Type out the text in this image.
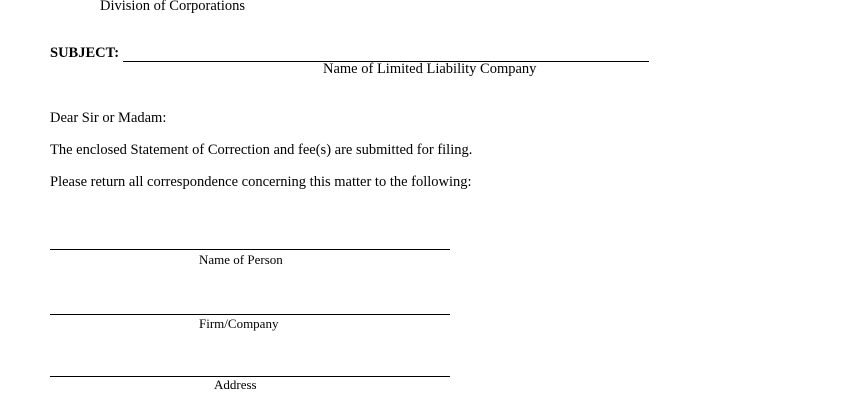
Division of Corporations
SUBJECT:
Name of Limited Liability Company
Dear Sir or Madam:
The enclosed Statement of Correction and fee(s) are submitted for filing.
Please return all correspondence concerning this matter to the following:
Name of Person
Firm/Company
Address
